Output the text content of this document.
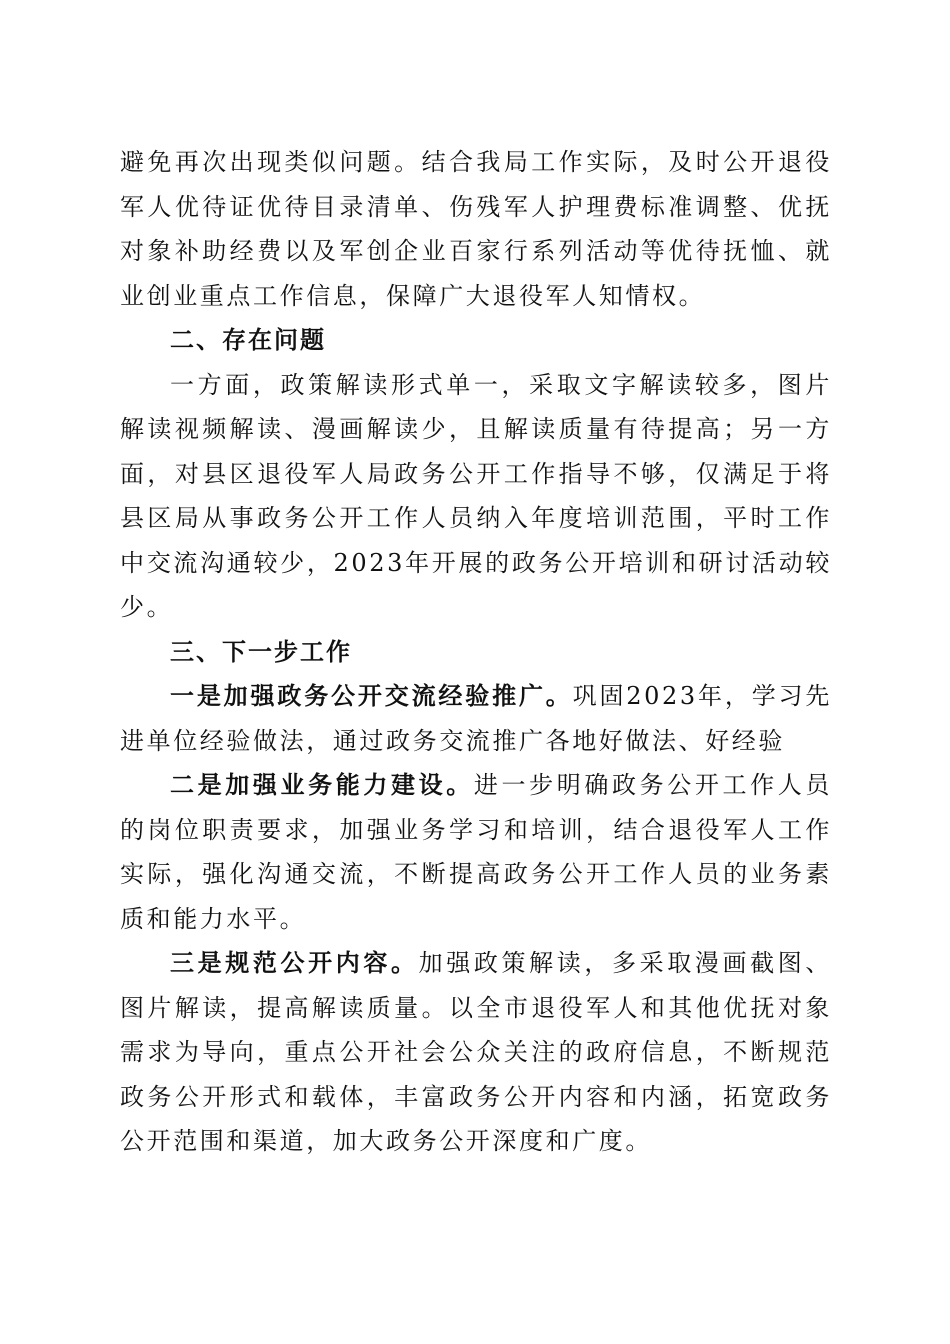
避免再次出现类似问题。结合我局工作实际，及时公开退役军人优待证优待目录清单、伤残军人护理费标准调整、优抚对象补助经费以及军创企业百家行系列活动等优待抚恤、就业创业重点工作信息，保障广大退役军人知情权。

二、存在问题

一方面，政策解读形式单一，采取文字解读较多，图片解读视频解读、漫画解读少，且解读质量有待提高；另一方面，对县区退役军人局政务公开工作指导不够，仅满足于将县区局从事政务公开工作人员纳入年度培训范围，平时工作中交流沟通较少，2023年开展的政务公开培训和研讨活动较少。

三、下一步工作

一是加强政务公开交流经验推广。巩固2023年，学习先进单位经验做法，通过政务交流推广各地好做法、好经验

二是加强业务能力建设。进一步明确政务公开工作人员的岗位职责要求，加强业务学习和培训，结合退役军人工作实际，强化沟通交流，不断提高政务公开工作人员的业务素质和能力水平。

三是规范公开内容。加强政策解读，多采取漫画截图、图片解读，提高解读质量。以全市退役军人和其他优抚对象需求为导向，重点公开社会公众关注的政府信息，不断规范政务公开形式和载体，丰富政务公开内容和内涵，拓宽政务公开范围和渠道，加大政务公开深度和广度。
